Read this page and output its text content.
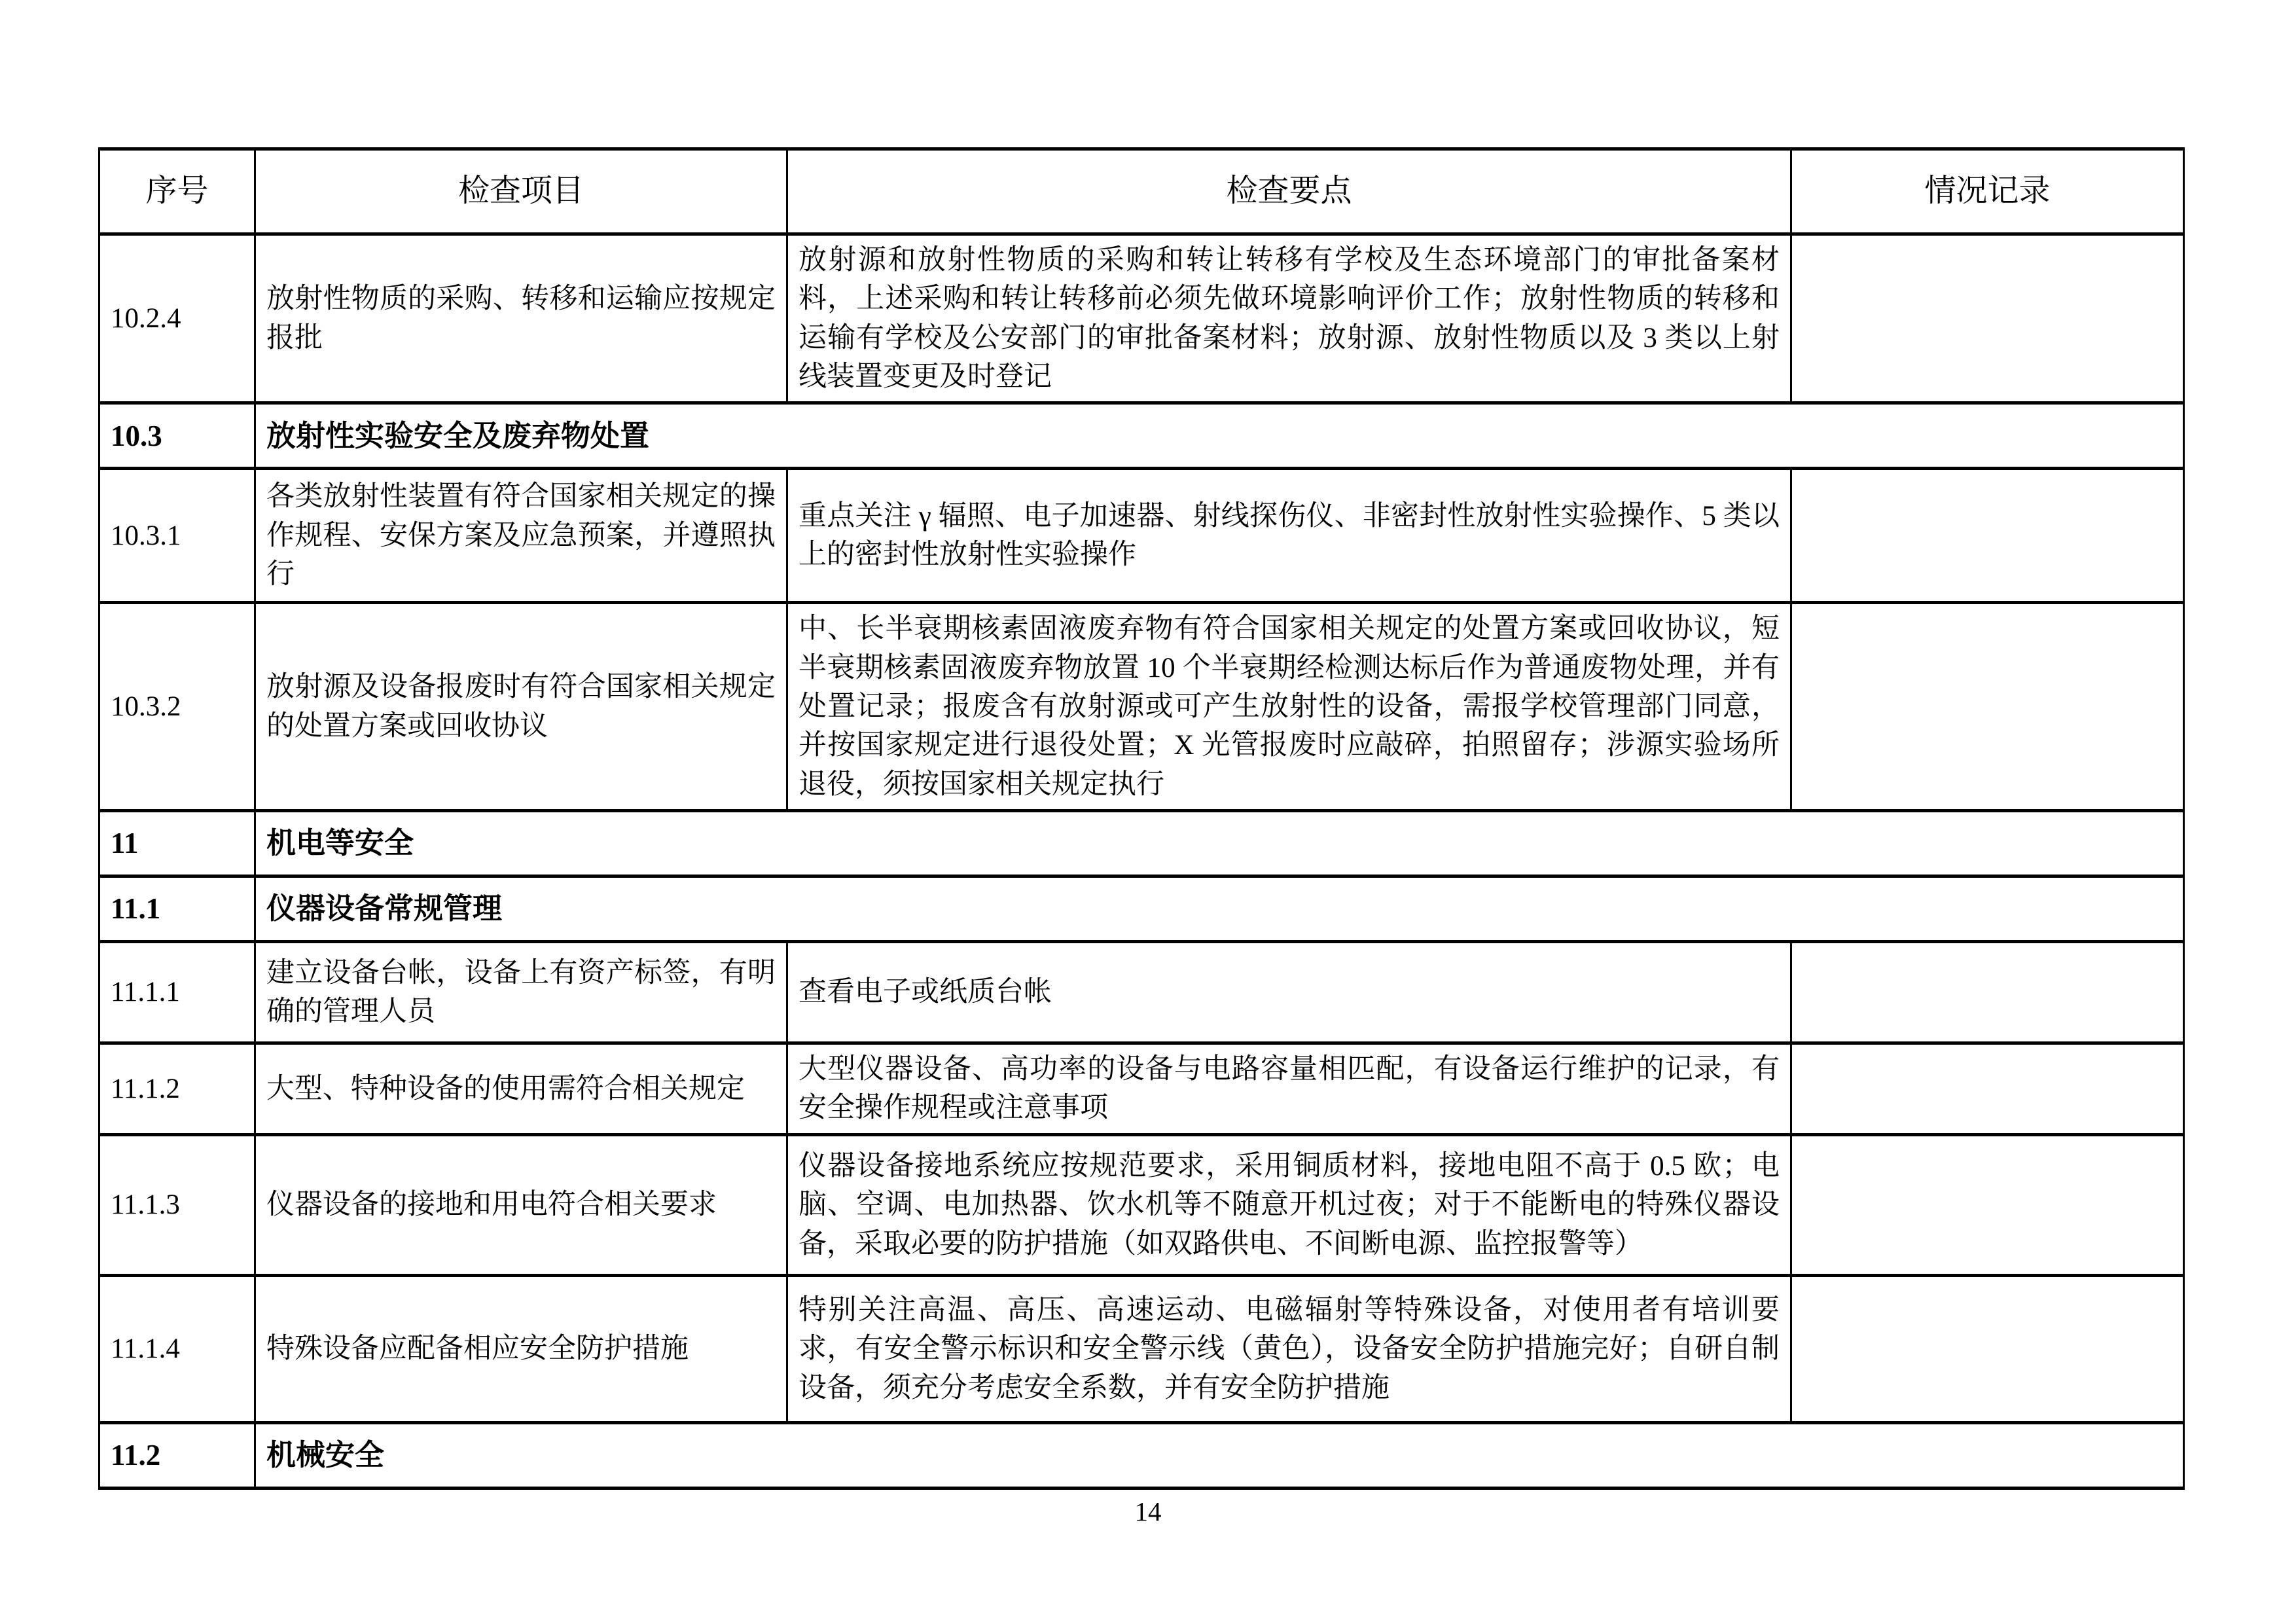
序号	检查项目	检查要点	情况记录
10.2.4	放射性物质的采购、转移和运输应按规定报批	放射源和放射性物质的采购和转让转移有学校及生态环境部门的审批备案材料，上述采购和转让转移前必须先做环境影响评价工作；放射性物质的转移和运输有学校及公安部门的审批备案材料；放射源、放射性物质以及 3 类以上射线装置变更及时登记	
10.3	放射性实验安全及废弃物处置		
10.3.1	各类放射性装置有符合国家相关规定的操作规程、安保方案及应急预案，并遵照执行	重点关注 γ 辐照、电子加速器、射线探伤仪、非密封性放射性实验操作、5 类以上的密封性放射性实验操作	
10.3.2	放射源及设备报废时有符合国家相关规定的处置方案或回收协议	中、长半衰期核素固液废弃物有符合国家相关规定的处置方案或回收协议，短半衰期核素固液废弃物放置 10 个半衰期经检测达标后作为普通废物处理，并有处置记录；报废含有放射源或可产生放射性的设备，需报学校管理部门同意，并按国家规定进行退役处置；X 光管报废时应敲碎，拍照留存；涉源实验场所退役，须按国家相关规定执行	
11	机电等安全		
11.1	仪器设备常规管理		
11.1.1	建立设备台帐，设备上有资产标签，有明确的管理人员	查看电子或纸质台帐	
11.1.2	大型、特种设备的使用需符合相关规定	大型仪器设备、高功率的设备与电路容量相匹配，有设备运行维护的记录，有安全操作规程或注意事项	
11.1.3	仪器设备的接地和用电符合相关要求	仪器设备接地系统应按规范要求，采用铜质材料，接地电阻不高于 0.5 欧；电脑、空调、电加热器、饮水机等不随意开机过夜；对于不能断电的特殊仪器设备，采取必要的防护措施（如双路供电、不间断电源、监控报警等）	
11.1.4	特殊设备应配备相应安全防护措施	特别关注高温、高压、高速运动、电磁辐射等特殊设备，对使用者有培训要求，有安全警示标识和安全警示线（黄色），设备安全防护措施完好；自研自制设备，须充分考虑安全系数，并有安全防护措施	
11.2	机械安全		
14
